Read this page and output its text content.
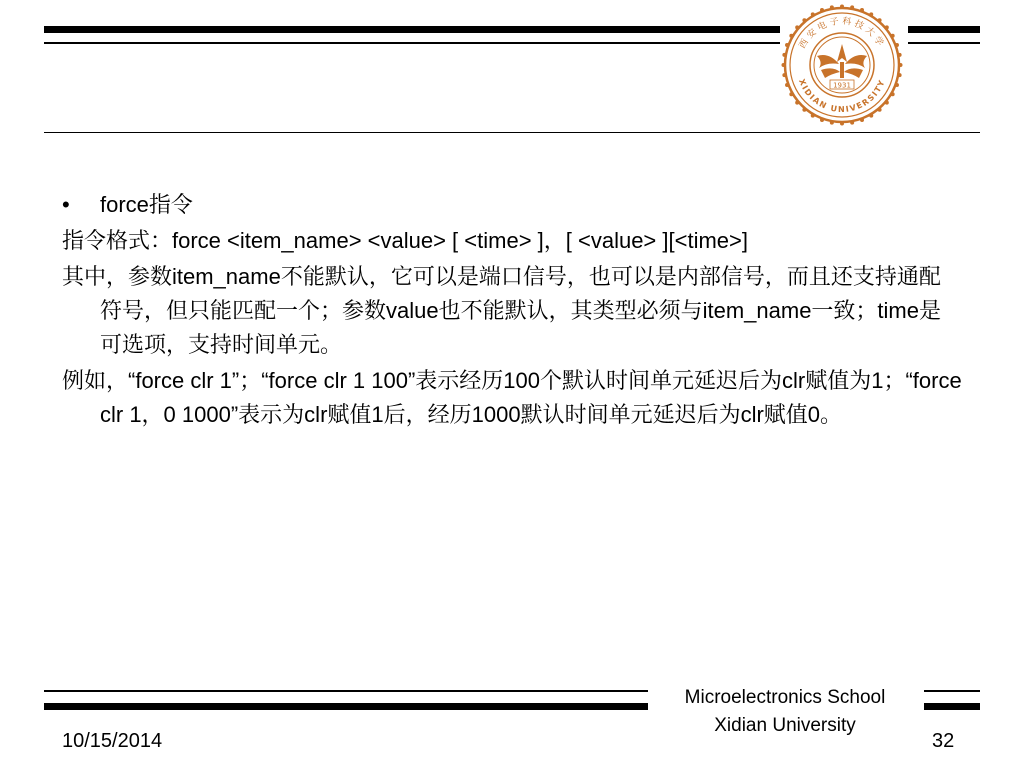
西安电子科技大学
XIDIAN UNIVERSITY
1931
•	force指令

指令格式：force <item_name> <value> [ <time> ]，[ <value> ][<time>]

其中，参数item_name不能默认，它可以是端口信号，也可以是内部信号，而且还支持通配符号，但只能匹配一个；参数value也不能默认，其类型必须与item_name一致；time是可选项，支持时间单元。

例如，“force clr 1”；“force clr 1 100”表示经历100个默认时间单元延迟后为clr赋值为1；“force clr 1，0 1000”表示为clr赋值1后，经历1000默认时间单元延迟后为clr赋值0。

Microelectronics School
Xidian University
10/15/2014	32
